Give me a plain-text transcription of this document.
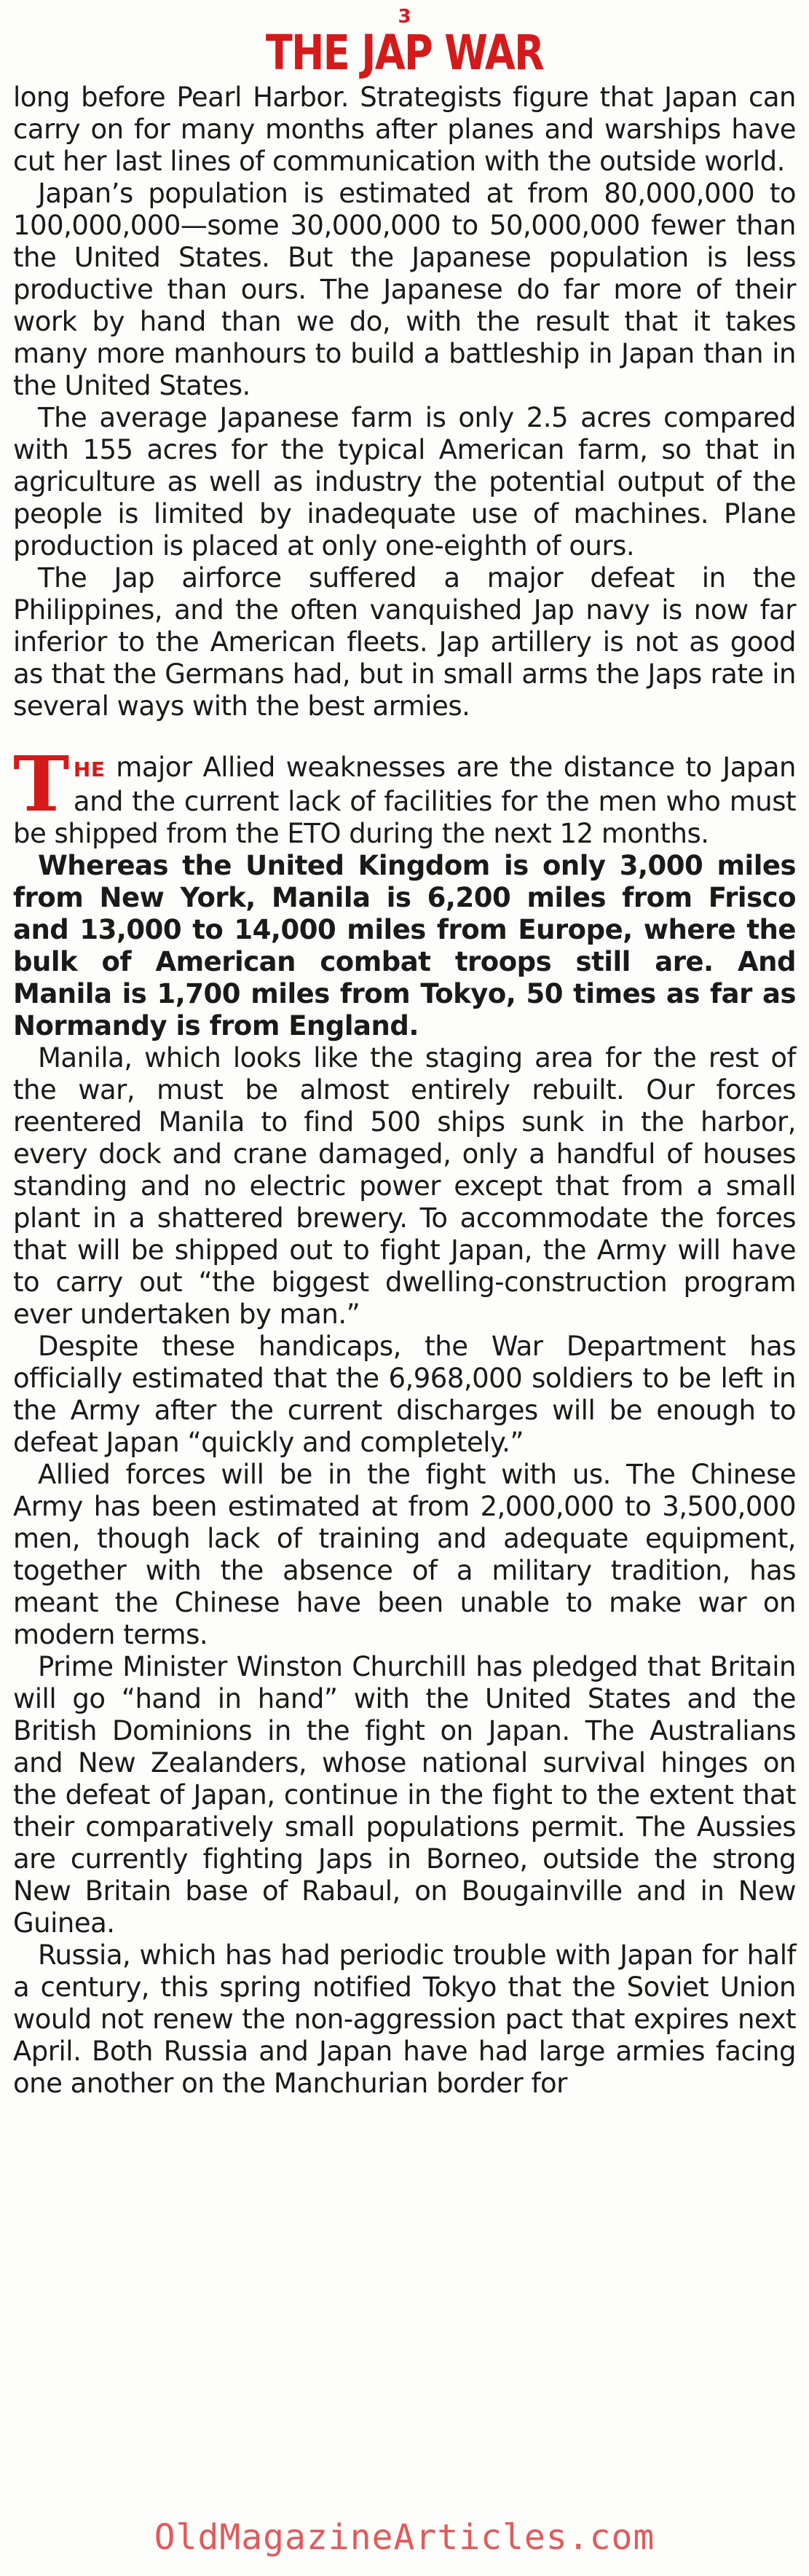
3
THE JAP WAR

long before Pearl Harbor. Strategists figure that Japan can carry on for many months after planes and warships have cut her last lines of communication with the outside world.

Japan’s population is estimated at from 80,000,000 to 100,000,000—some 30,000,000 to 50,000,000 fewer than the United States. But the Japanese population is less productive than ours. The Japanese do far more of their work by hand than we do, with the result that it takes many more manhours to build a battleship in Japan than in the United States.

The average Japanese farm is only 2.5 acres compared with 155 acres for the typical American farm, so that in agriculture as well as industry the potential output of the people is limited by inadequate use of machines. Plane production is placed at only one-eighth of ours.

The Jap airforce suffered a major defeat in the Philippines, and the often vanquished Jap navy is now far inferior to the American fleets. Jap artillery is not as good as that the Germans had, but in small arms the Japs rate in several ways with the best armies.

THE major Allied weaknesses are the distance to Japan and the current lack of facilities for the men who must be shipped from the ETO during the next 12 months.

Whereas the United Kingdom is only 3,000 miles from New York, Manila is 6,200 miles from Frisco and 13,000 to 14,000 miles from Europe, where the bulk of American combat troops still are. And Manila is 1,700 miles from Tokyo, 50 times as far as Normandy is from England.

Manila, which looks like the staging area for the rest of the war, must be almost entirely rebuilt. Our forces reentered Manila to find 500 ships sunk in the harbor, every dock and crane damaged, only a handful of houses standing and no electric power except that from a small plant in a shattered brewery. To accommodate the forces that will be shipped out to fight Japan, the Army will have to carry out “the biggest dwelling-construction program ever undertaken by man.”

Despite these handicaps, the War Department has officially estimated that the 6,968,000 soldiers to be left in the Army after the current discharges will be enough to defeat Japan “quickly and completely.”

Allied forces will be in the fight with us. The Chinese Army has been estimated at from 2,000,000 to 3,500,000 men, though lack of training and adequate equipment, together with the absence of a military tradition, has meant the Chinese have been unable to make war on modern terms.

Prime Minister Winston Churchill has pledged that Britain will go “hand in hand” with the United States and the British Dominions in the fight on Japan. The Australians and New Zealanders, whose national survival hinges on the defeat of Japan, continue in the fight to the extent that their comparatively small populations permit. The Aussies are currently fighting Japs in Borneo, outside the strong New Britain base of Rabaul, on Bougainville and in New Guinea.

Russia, which has had periodic trouble with Japan for half a century, this spring notified Tokyo that the Soviet Union would not renew the non-aggression pact that expires next April. Both Russia and Japan have had large armies facing one another on the Manchurian border for

OldMagazineArticles.com
